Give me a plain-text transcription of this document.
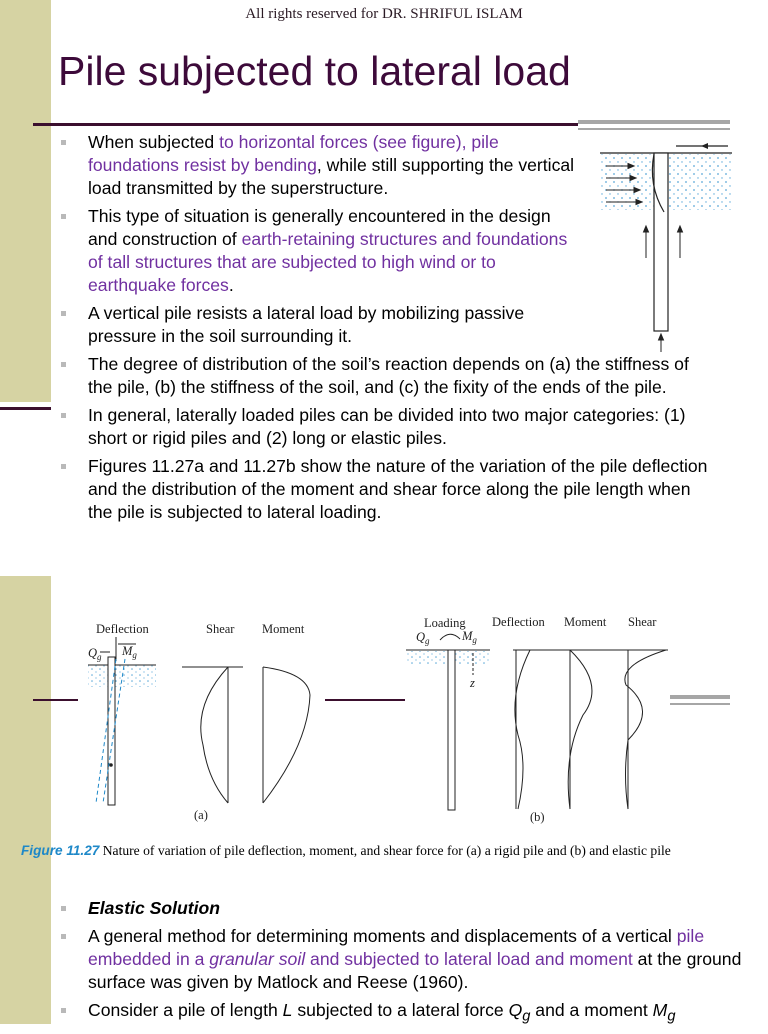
All rights reserved for DR. SHRIFUL ISLAM
Pile subjected to lateral load
When subjected to horizontal forces (see figure), pile foundations resist by bending, while still supporting the vertical load transmitted by the superstructure.
This type of situation is generally encountered in the design and construction of earth-retaining structures and foundations of tall structures that are subjected to high wind or to earthquake forces.
A vertical pile resists a lateral load by mobilizing passive pressure in the soil surrounding it.
The degree of distribution of the soil’s reaction depends on (a) the stiffness of the pile, (b) the stiffness of the soil, and (c) the fixity of the ends of the pile.
In general, laterally loaded piles can be divided into two major categories: (1) short or rigid piles and (2) long or elastic piles.
Figures 11.27a and 11.27b show the nature of the variation of the pile deflection and the distribution of the moment and shear force along the pile length when the pile is subjected to lateral loading.
Deflection	Shear Moment
$Q_g$ $M_g$
(a)
Loading Deflection Moment Shear
$Q_g$	$M_g$
z
(b)
Figure 11.27 Nature of variation of pile deflection, moment, and shear force for (a) a rigid pile and (b) and elastic pile
Elastic Solution
A general method for determining moments and displacements of a vertical pile embedded in a granular soil and subjected to lateral load and moment at the ground surface was given by Matlock and Reese (1960).
Consider a pile of length L subjected to a lateral force $Q_g$ and a moment $M_g$
